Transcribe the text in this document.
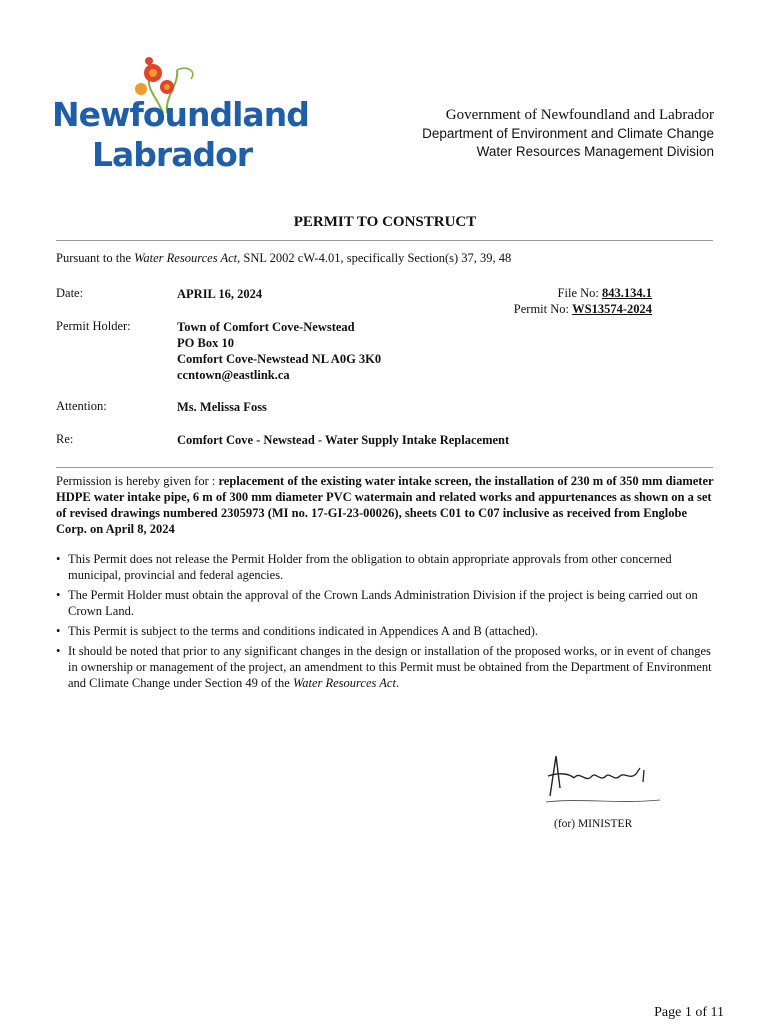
Newfoundland
Labrador
Government of Newfoundland and Labrador
Department of Environment and Climate Change
Water Resources Management Division
PERMIT TO CONSTRUCT
Pursuant to the Water Resources Act, SNL 2002 cW-4.01, specifically Section(s) 37, 39, 48
Date:	APRIL 16, 2024	File No: 843.134.1
Permit No: WS13574-2024
Permit Holder:	Town of Comfort Cove-Newstead
PO Box 10
Comfort Cove-Newstead NL A0G 3K0
ccntown@eastlink.ca
Attention:	Ms. Melissa Foss
Re:	Comfort Cove - Newstead - Water Supply Intake Replacement
Permission is hereby given for : replacement of the existing water intake screen, the installation of 230 m of 350 mm diameter HDPE water intake pipe, 6 m of 300 mm diameter PVC watermain and related works and appurtenances as shown on a set of revised drawings numbered 2305973 (MI no. 17-GI-23-00026), sheets C01 to C07 inclusive as received from Englobe Corp. on April 8, 2024
• This Permit does not release the Permit Holder from the obligation to obtain appropriate approvals from other concerned municipal, provincial and federal agencies.
• The Permit Holder must obtain the approval of the Crown Lands Administration Division if the project is being carried out on Crown Land.
• This Permit is subject to the terms and conditions indicated in Appendices A and B (attached).
• It should be noted that prior to any significant changes in the design or installation of the proposed works, or in event of changes in ownership or management of the project, an amendment to this Permit must be obtained from the Department of Environment and Climate Change under Section 49 of the Water Resources Act.
(for) MINISTER
Page 1 of 11
